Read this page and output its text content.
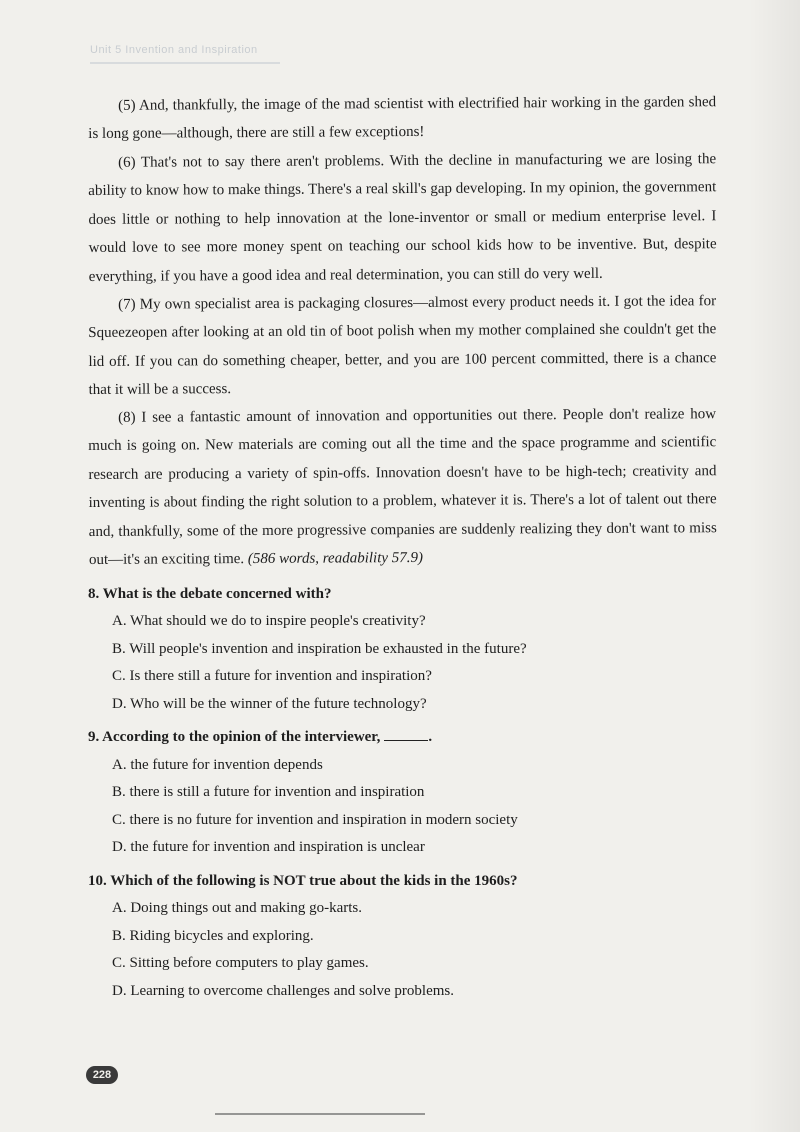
Unit 5 Invention and Inspiration

(5) And, thankfully, the image of the mad scientist with electrified hair working in the garden shed is long gone—although, there are still a few exceptions!

(6) That's not to say there aren't problems. With the decline in manufacturing we are losing the ability to know how to make things. There's a real skill's gap developing. In my opinion, the government does little or nothing to help innovation at the lone-inventor or small or medium enterprise level. I would love to see more money spent on teaching our school kids how to be inventive. But, despite everything, if you have a good idea and real determination, you can still do very well.

(7) My own specialist area is packaging closures—almost every product needs it. I got the idea for Squeezeopen after looking at an old tin of boot polish when my mother complained she couldn't get the lid off. If you can do something cheaper, better, and you are 100 percent committed, there is a chance that it will be a success.

(8) I see a fantastic amount of innovation and opportunities out there. People don't realize how much is going on. New materials are coming out all the time and the space programme and scientific research are producing a variety of spin-offs. Innovation doesn't have to be high-tech; creativity and inventing is about finding the right solution to a problem, whatever it is. There's a lot of talent out there and, thankfully, some of the more progressive companies are suddenly realizing they don't want to miss out—it's an exciting time. (586 words, readability 57.9)

8. What is the debate concerned with?

A. What should we do to inspire people's creativity?
B. Will people's invention and inspiration be exhausted in the future?
C. Is there still a future for invention and inspiration?
D. Who will be the winner of the future technology?

9. According to the opinion of the interviewer,	.

A. the future for invention depends
B. there is still a future for invention and inspiration
C. there is no future for invention and inspiration in modern society
D. the future for invention and inspiration is unclear

10. Which of the following is NOT true about the kids in the 1960s?

A. Doing things out and making go-karts.
B. Riding bicycles and exploring.
C. Sitting before computers to play games.
D. Learning to overcome challenges and solve problems.
228
